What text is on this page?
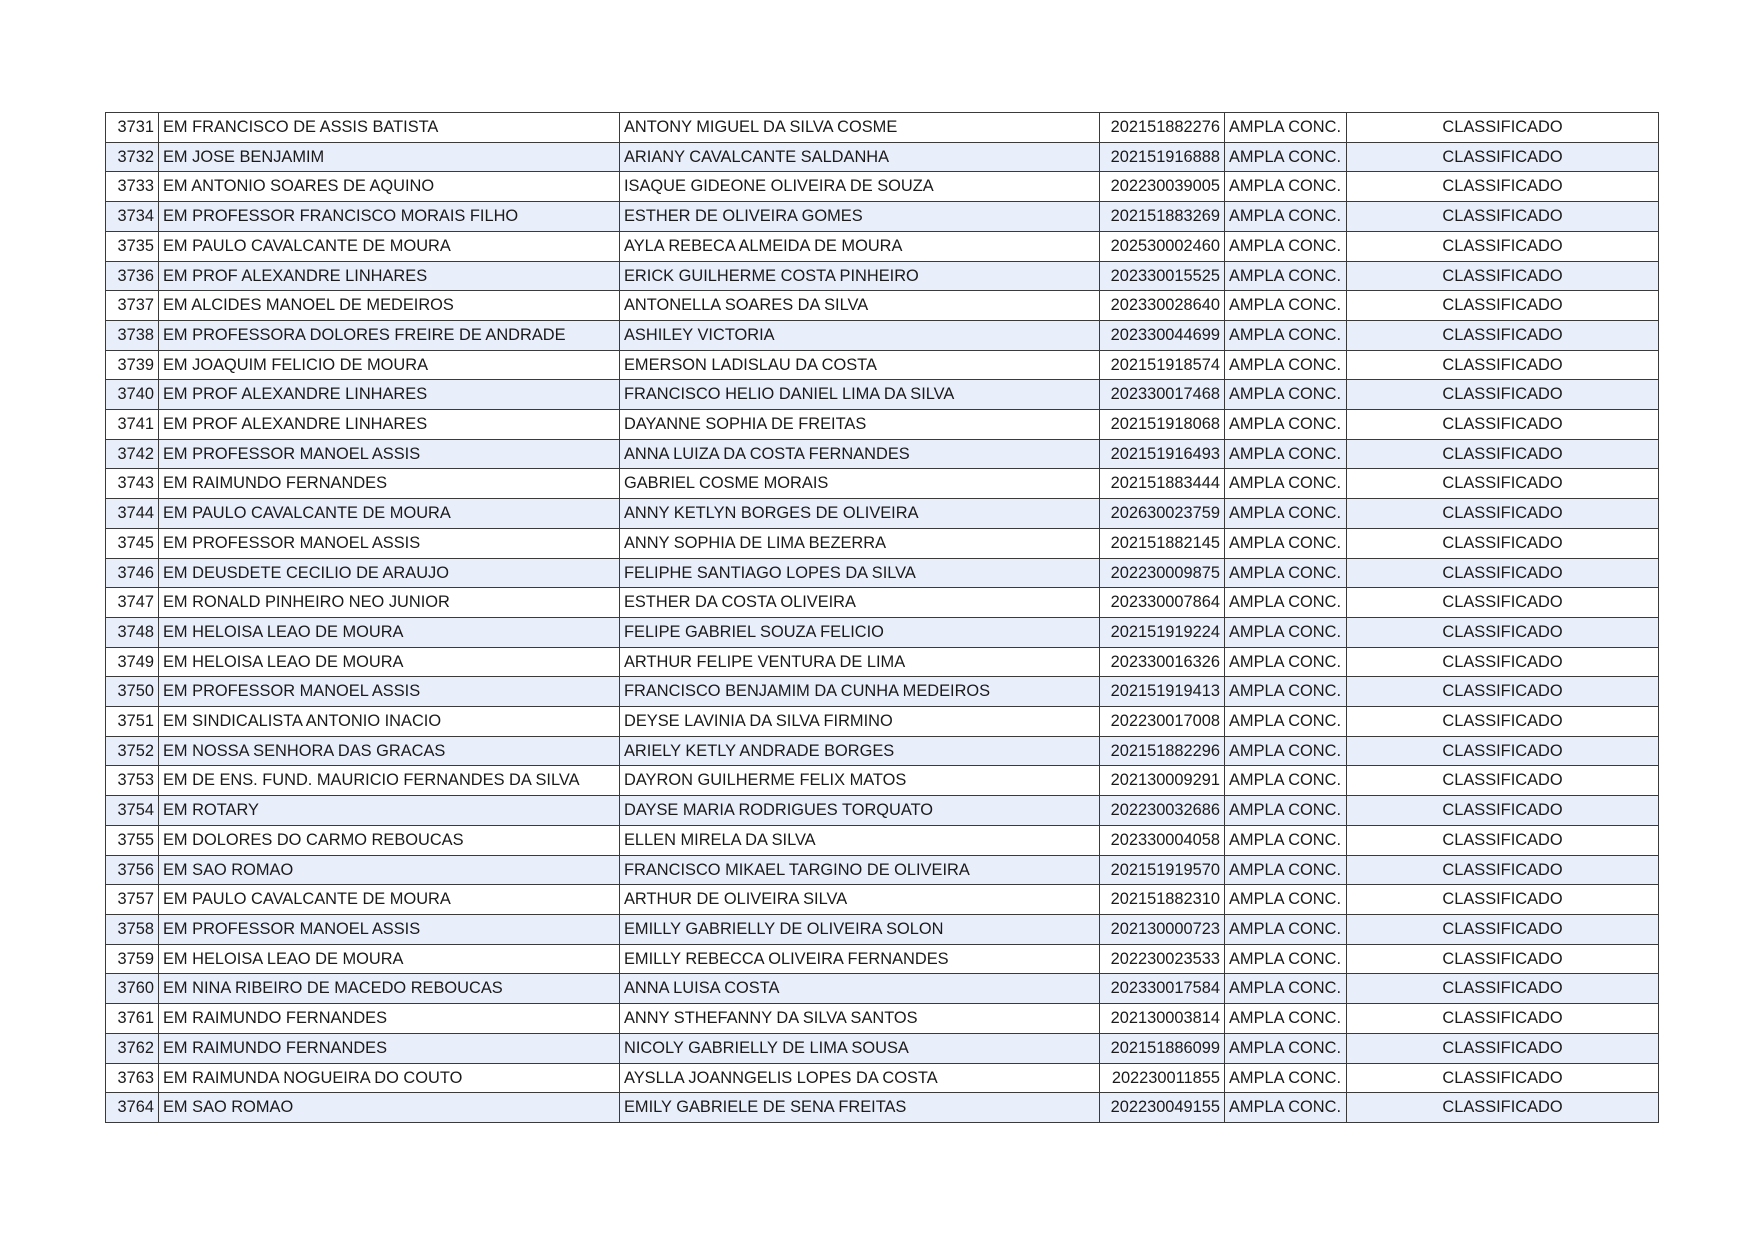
3731	EM FRANCISCO DE ASSIS BATISTA	ANTONY MIGUEL DA SILVA COSME	202151882276	AMPLA CONC.	CLASSIFICADO
3732	EM JOSE BENJAMIM	ARIANY CAVALCANTE SALDANHA	202151916888	AMPLA CONC.	CLASSIFICADO
3733	EM ANTONIO SOARES DE AQUINO	ISAQUE GIDEONE OLIVEIRA DE SOUZA	202230039005	AMPLA CONC.	CLASSIFICADO
3734	EM PROFESSOR FRANCISCO MORAIS FILHO	ESTHER DE OLIVEIRA GOMES	202151883269	AMPLA CONC.	CLASSIFICADO
3735	EM PAULO CAVALCANTE DE MOURA	AYLA REBECA ALMEIDA DE MOURA	202530002460	AMPLA CONC.	CLASSIFICADO
3736	EM PROF ALEXANDRE LINHARES	ERICK GUILHERME COSTA PINHEIRO	202330015525	AMPLA CONC.	CLASSIFICADO
3737	EM ALCIDES MANOEL DE MEDEIROS	ANTONELLA SOARES DA SILVA	202330028640	AMPLA CONC.	CLASSIFICADO
3738	EM PROFESSORA DOLORES FREIRE DE ANDRADE	ASHILEY VICTORIA	202330044699	AMPLA CONC.	CLASSIFICADO
3739	EM JOAQUIM FELICIO DE MOURA	EMERSON LADISLAU DA COSTA	202151918574	AMPLA CONC.	CLASSIFICADO
3740	EM PROF ALEXANDRE LINHARES	FRANCISCO HELIO DANIEL LIMA DA SILVA	202330017468	AMPLA CONC.	CLASSIFICADO
3741	EM PROF ALEXANDRE LINHARES	DAYANNE SOPHIA DE FREITAS	202151918068	AMPLA CONC.	CLASSIFICADO
3742	EM PROFESSOR MANOEL ASSIS	ANNA LUIZA DA COSTA FERNANDES	202151916493	AMPLA CONC.	CLASSIFICADO
3743	EM RAIMUNDO FERNANDES	GABRIEL COSME MORAIS	202151883444	AMPLA CONC.	CLASSIFICADO
3744	EM PAULO CAVALCANTE DE MOURA	ANNY KETLYN BORGES DE OLIVEIRA	202630023759	AMPLA CONC.	CLASSIFICADO
3745	EM PROFESSOR MANOEL ASSIS	ANNY SOPHIA DE LIMA BEZERRA	202151882145	AMPLA CONC.	CLASSIFICADO
3746	EM DEUSDETE CECILIO DE ARAUJO	FELIPHE SANTIAGO LOPES DA SILVA	202230009875	AMPLA CONC.	CLASSIFICADO
3747	EM RONALD PINHEIRO NEO JUNIOR	ESTHER DA COSTA OLIVEIRA	202330007864	AMPLA CONC.	CLASSIFICADO
3748	EM HELOISA LEAO DE MOURA	FELIPE GABRIEL SOUZA FELICIO	202151919224	AMPLA CONC.	CLASSIFICADO
3749	EM HELOISA LEAO DE MOURA	ARTHUR FELIPE VENTURA DE LIMA	202330016326	AMPLA CONC.	CLASSIFICADO
3750	EM PROFESSOR MANOEL ASSIS	FRANCISCO BENJAMIM DA CUNHA MEDEIROS	202151919413	AMPLA CONC.	CLASSIFICADO
3751	EM SINDICALISTA ANTONIO INACIO	DEYSE LAVINIA DA SILVA FIRMINO	202230017008	AMPLA CONC.	CLASSIFICADO
3752	EM NOSSA SENHORA DAS GRACAS	ARIELY KETLY ANDRADE BORGES	202151882296	AMPLA CONC.	CLASSIFICADO
3753	EM DE ENS. FUND. MAURICIO FERNANDES DA SILVA	DAYRON GUILHERME FELIX MATOS	202130009291	AMPLA CONC.	CLASSIFICADO
3754	EM ROTARY	DAYSE MARIA RODRIGUES TORQUATO	202230032686	AMPLA CONC.	CLASSIFICADO
3755	EM DOLORES DO CARMO REBOUCAS	ELLEN MIRELA DA SILVA	202330004058	AMPLA CONC.	CLASSIFICADO
3756	EM SAO ROMAO	FRANCISCO MIKAEL TARGINO DE OLIVEIRA	202151919570	AMPLA CONC.	CLASSIFICADO
3757	EM PAULO CAVALCANTE DE MOURA	ARTHUR DE OLIVEIRA SILVA	202151882310	AMPLA CONC.	CLASSIFICADO
3758	EM PROFESSOR MANOEL ASSIS	EMILLY GABRIELLY DE OLIVEIRA SOLON	202130000723	AMPLA CONC.	CLASSIFICADO
3759	EM HELOISA LEAO DE MOURA	EMILLY REBECCA OLIVEIRA FERNANDES	202230023533	AMPLA CONC.	CLASSIFICADO
3760	EM NINA RIBEIRO DE MACEDO REBOUCAS	ANNA LUISA COSTA	202330017584	AMPLA CONC.	CLASSIFICADO
3761	EM RAIMUNDO FERNANDES	ANNY STHEFANNY DA SILVA SANTOS	202130003814	AMPLA CONC.	CLASSIFICADO
3762	EM RAIMUNDO FERNANDES	NICOLY GABRIELLY DE LIMA SOUSA	202151886099	AMPLA CONC.	CLASSIFICADO
3763	EM RAIMUNDA NOGUEIRA DO COUTO	AYSLLA JOANNGELIS LOPES DA COSTA	202230011855	AMPLA CONC.	CLASSIFICADO
3764	EM SAO ROMAO	EMILY GABRIELE DE SENA FREITAS	202230049155	AMPLA CONC.	CLASSIFICADO
